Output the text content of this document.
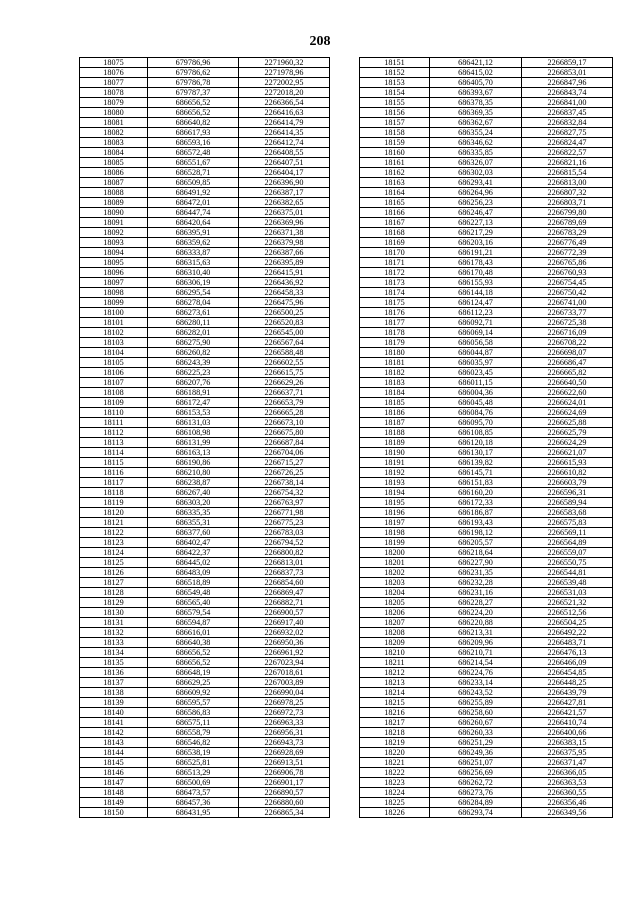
208
18075	679786,96	2271960,32
18076	679786,62	2271978,96
18077	679786,78	2272002,95
18078	679787,37	2272018,20
18079	686656,52	2266366,54
18080	686656,52	2266416,63
18081	686640,82	2266414,79
18082	686617,93	2266414,35
18083	686593,16	2266412,74
18084	686572,48	2266408,55
18085	686551,67	2266407,51
18086	686528,71	2266404,17
18087	686509,85	2266396,90
18088	686491,92	2266387,17
18089	686472,01	2266382,65
18090	686447,74	2266375,01
18091	686420,64	2266369,96
18092	686395,91	2266371,38
18093	686359,62	2266379,98
18094	686333,87	2266387,66
18095	686315,63	2266395,89
18096	686310,40	2266415,91
18097	686306,19	2266436,92
18098	686295,54	2266458,33
18099	686278,04	2266475,96
18100	686273,61	2266500,25
18101	686280,11	2266520,83
18102	686282,01	2266545,00
18103	686275,90	2266567,64
18104	686260,82	2266588,48
18105	686243,39	2266602,55
18106	686225,23	2266615,75
18107	686207,76	2266629,26
18108	686188,91	2266637,71
18109	686172,47	2266653,79
18110	686153,53	2266665,28
18111	686131,03	2266673,10
18112	686108,98	2266675,80
18113	686131,99	2266687,84
18114	686163,13	2266704,06
18115	686190,86	2266715,27
18116	686210,80	2266726,25
18117	686238,87	2266738,14
18118	686267,40	2266754,32
18119	686303,20	2266763,97
18120	686335,35	2266771,98
18121	686355,31	2266775,23
18122	686377,60	2266783,03
18123	686402,47	2266794,52
18124	686422,37	2266800,82
18125	686445,02	2266813,01
18126	686483,09	2266837,73
18127	686518,89	2266854,60
18128	686549,48	2266869,47
18129	686565,40	2266882,71
18130	686579,54	2266900,57
18131	686594,87	2266917,40
18132	686616,01	2266932,02
18133	686640,38	2266950,36
18134	686656,52	2266961,92
18135	686656,52	2267023,94
18136	686648,19	2267018,61
18137	686629,25	2267003,89
18138	686609,92	2266990,04
18139	686595,57	2266978,25
18140	686586,83	2266972,73
18141	686575,11	2266963,33
18142	686558,79	2266956,31
18143	686546,82	2266943,73
18144	686538,19	2266928,69
18145	686525,81	2266913,51
18146	686513,29	2266906,78
18147	686500,69	2266901,17
18148	686473,57	2266890,57
18149	686457,36	2266880,60
18150	686431,95	2266865,34
18151	686421,12	2266859,17
18152	686415,02	2266853,01
18153	686405,70	2266847,96
18154	686393,67	2266843,74
18155	686378,35	2266841,00
18156	686369,35	2266837,45
18157	686362,67	2266832,84
18158	686355,24	2266827,75
18159	686346,62	2266824,47
18160	686335,85	2266822,57
18161	686326,07	2266821,16
18162	686302,03	2266815,54
18163	686293,41	2266813,00
18164	686264,96	2266807,32
18165	686256,23	2266803,71
18166	686246,47	2266799,80
18167	686227,13	2266789,69
18168	686217,29	2266783,29
18169	686203,16	2266776,49
18170	686191,21	2266772,39
18171	686178,43	2266765,86
18172	686170,48	2266760,93
18173	686155,93	2266754,45
18174	686144,18	2266750,42
18175	686124,47	2266741,00
18176	686112,23	2266733,77
18177	686092,71	2266725,38
18178	686069,14	2266716,09
18179	686056,58	2266708,22
18180	686044,87	2266698,07
18181	686035,97	2266686,47
18182	686023,45	2266665,82
18183	686011,15	2266640,50
18184	686004,36	2266622,60
18185	686045,48	2266624,01
18186	686084,76	2266624,69
18187	686095,70	2266625,88
18188	686108,85	2266625,79
18189	686120,18	2266624,29
18190	686130,17	2266621,07
18191	686139,82	2266615,93
18192	686145,71	2266610,82
18193	686151,83	2266603,79
18194	686160,20	2266596,31
18195	686172,33	2266589,94
18196	686186,87	2266583,68
18197	686193,43	2266575,83
18198	686198,12	2266569,11
18199	686205,57	2266564,89
18200	686218,64	2266559,07
18201	686227,90	2266550,75
18202	686231,35	2266544,81
18203	686232,28	2266539,48
18204	686231,16	2266531,03
18205	686228,27	2266521,32
18206	686224,20	2266512,56
18207	686220,88	2266504,25
18208	686213,31	2266492,22
18209	686209,96	2266483,71
18210	686210,71	2266476,13
18211	686214,54	2266466,09
18212	686224,76	2266454,85
18213	686233,14	2266448,25
18214	686243,52	2266439,79
18215	686255,89	2266427,81
18216	686258,60	2266421,57
18217	686260,67	2266410,74
18218	686260,33	2266400,66
18219	686251,29	2266383,15
18220	686249,36	2266375,95
18221	686251,07	2266371,47
18222	686256,69	2266366,05
18223	686262,72	2266363,53
18224	686273,76	2266360,55
18225	686284,89	2266356,46
18226	686293,74	2266349,56
